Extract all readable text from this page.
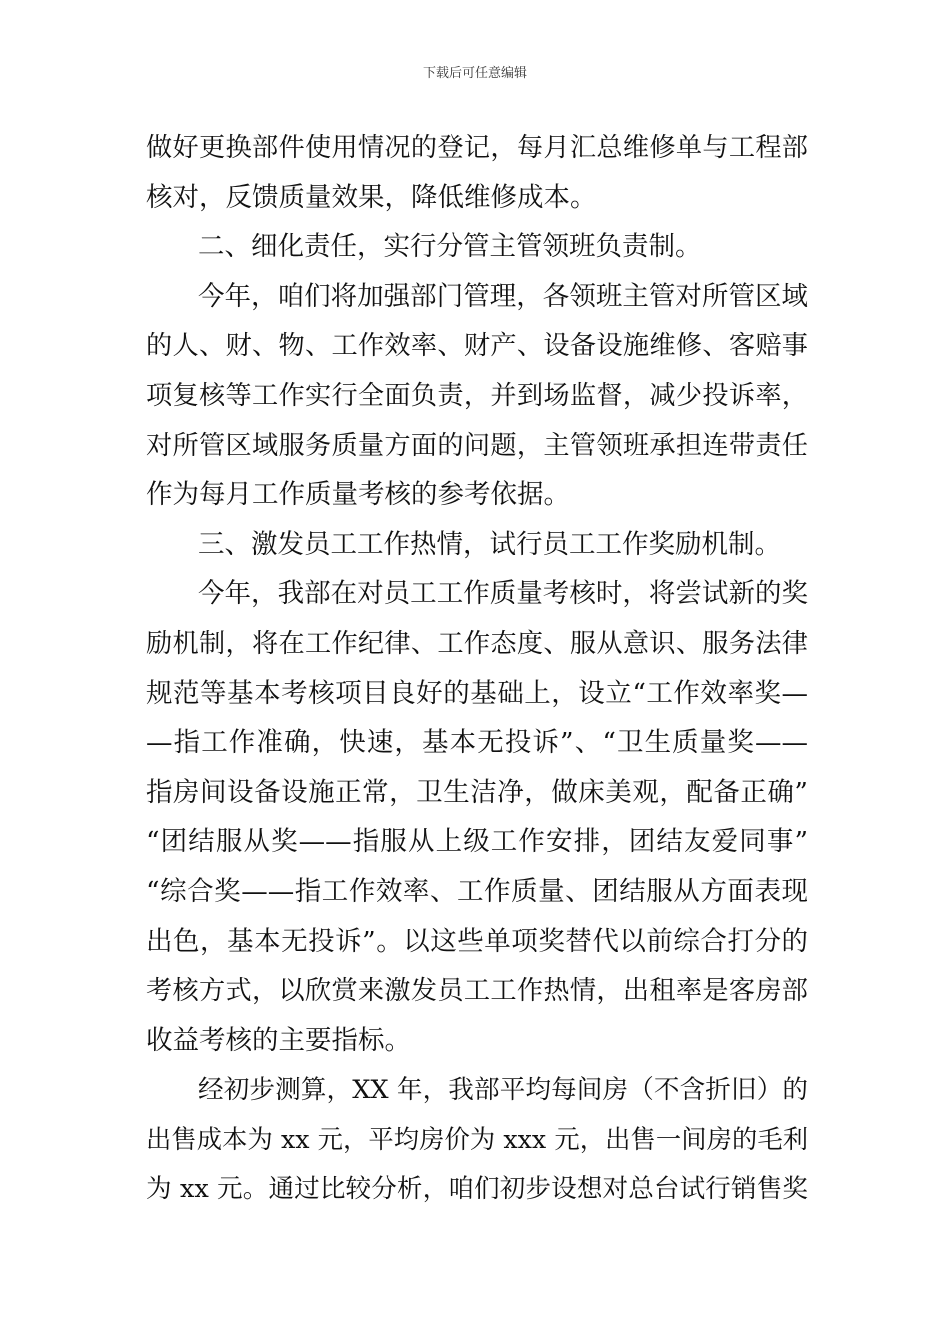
下载后可任意编辑
做好更换部件使用情况的登记，每月汇总维修单与工程部
核对，反馈质量效果，降低维修成本。
二、细化责任，实行分管主管领班负责制。
今年，咱们将加强部门管理，各领班主管对所管区域
的人、财、物、工作效率、财产、设备设施维修、客赔事
项复核等工作实行全面负责，并到场监督，减少投诉率，
对所管区域服务质量方面的问题，主管领班承担连带责任
作为每月工作质量考核的参考依据。
三、激发员工工作热情，试行员工工作奖励机制。
今年，我部在对员工工作质量考核时，将尝试新的奖
励机制，将在工作纪律、工作态度、服从意识、服务法律
规范等基本考核项目良好的基础上，设立“工作效率奖—
—指工作准确，快速，基本无投诉”、“卫生质量奖——
指房间设备设施正常，卫生洁净，做床美观，配备正确”
“团结服从奖——指服从上级工作安排，团结友爱同事”
“综合奖——指工作效率、工作质量、团结服从方面表现
出色，基本无投诉”。以这些单项奖替代以前综合打分的
考核方式，以欣赏来激发员工工作热情，出租率是客房部
收益考核的主要指标。
经初步测算，XX 年，我部平均每间房（不含折旧）的
出售成本为 xx 元，平均房价为 xxx 元，出售一间房的毛利
为 xx 元。通过比较分析，咱们初步设想对总台试行销售奖
